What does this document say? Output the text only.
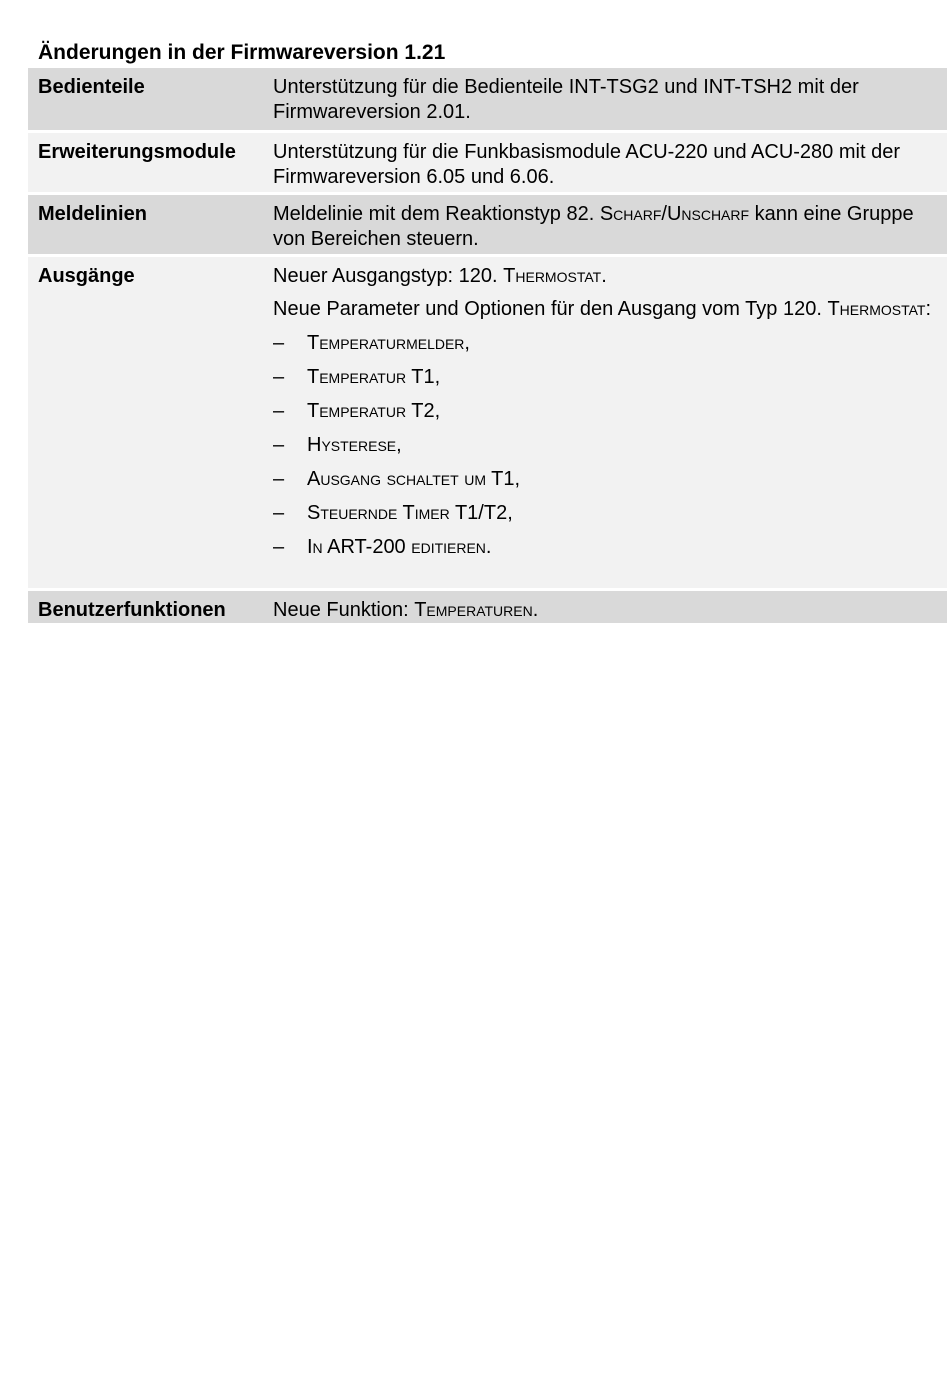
Änderungen in der Firmwareversion 1.21
Bedienteile	Unterstützung für die Bedienteile INT-TSG2 und INT-TSH2 mit der Firmwareversion 2.01.

Erweiterungsmodule	Unterstützung für die Funkbasismodule ACU-220 und ACU-280 mit der Firmwareversion 6.05 und 6.06.

Meldelinien	Meldelinie mit dem Reaktionstyp 82. Scharf/Unscharf kann eine Gruppe von Bereichen steuern.

Ausgänge	Neuer Ausgangstyp: 120. Thermostat.

Neue Parameter und Optionen für den Ausgang vom Typ 120. Thermostat:

–	Temperaturmelder,
–	Temperatur T1,
–	Temperatur T2,
–	Hysterese,
–	Ausgang schaltet um T1,
–	Steuernde Timer T1/T2,
–	In ART-200 editieren.
Benutzerfunktionen	Neue Funktion: Temperaturen.
